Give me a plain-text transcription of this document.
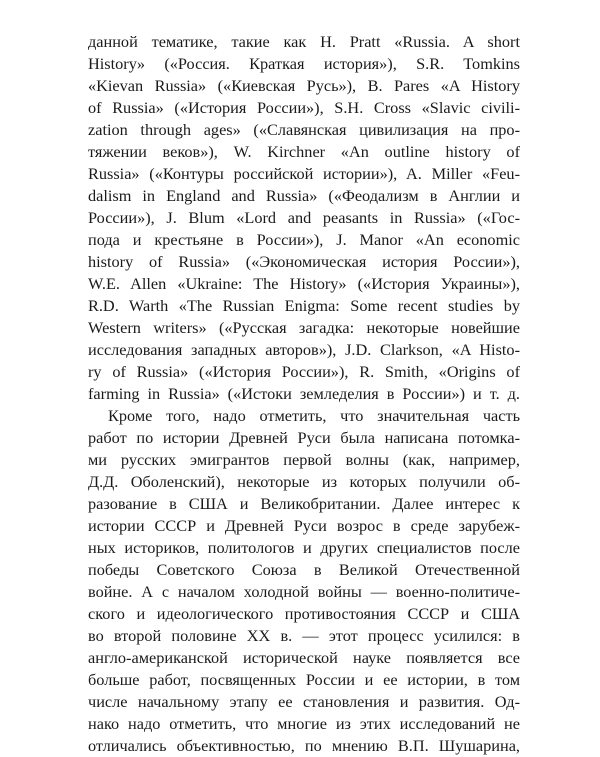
данной тематике, такие как H. Pratt «Russia. A short
History» («Россия. Краткая история»), S.R. Tomkins
«Kievan Russia» («Киевская Русь»), B. Pares «A History
of Russia» («История России»), S.H. Cross «Slavic civili-
zation through ages» («Славянская цивилизация на про-
тяжении веков»), W. Kirchner «An outline history of
Russia» («Контуры российской истории»), A. Miller «Feu-
dalism in England and Russia» («Феодализм в Англии и
России»), J. Blum «Lord and peasants in Russia» («Гос-
пода и крестьяне в России»), J. Manor «An economic
history of Russia» («Экономическая история России»),
W.E. Allen «Ukraine: The History» («История Украины»),
R.D. Warth «The Russian Enigma: Some recent studies by
Western writers» («Русская загадка: некоторые новейшие
исследования западных авторов»), J.D. Clarkson, «A Histo-
ry of Russia» («История России»), R. Smith, «Origins of
farming in Russia» («Истоки земледелия в России») и т. д.
Кроме того, надо отметить, что значительная часть
работ по истории Древней Руси была написана потомка-
ми русских эмигрантов первой волны (как, например,
Д.Д. Оболенский), некоторые из которых получили об-
разование в США и Великобритании. Далее интерес к
истории СССР и Древней Руси возрос в среде зарубеж-
ных историков, политологов и других специалистов после
победы Советского Союза в Великой Отечественной
войне. А с началом холодной войны — военно-политиче-
ского и идеологического противостояния СССР и США
во второй половине XX в. — этот процесс усилился: в
англо-американской исторической науке появляется все
больше работ, посвященных России и ее истории, в том
числе начальному этапу ее становления и развития. Од-
нако надо отметить, что многие из этих исследований не
отличались объективностью, по мнению В.П. Шушарина,
